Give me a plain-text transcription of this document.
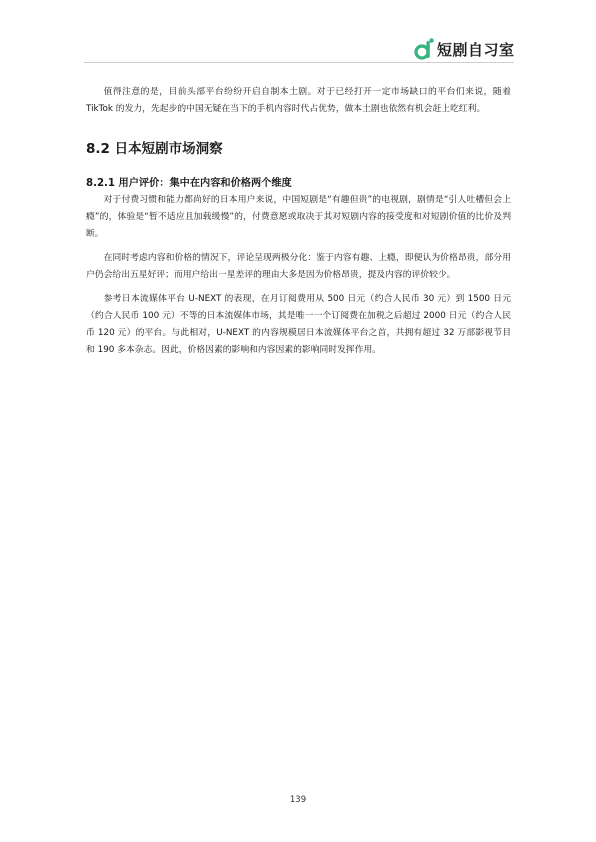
短剧自习室

值得注意的是，目前头部平台纷纷开启自制本土剧。对于已经打开一定市场缺口的平台们来说，随着 TikTok 的发力，先起步的中国无疑在当下的手机内容时代占优势，做本土剧也依然有机会赶上吃红利。

8.2 日本短剧市场洞察
8.2.1 用户评价：集中在内容和价格两个维度

对于付费习惯和能力都尚好的日本用户来说，中国短剧是“有趣但贵”的电视剧，剧情是“引人吐槽但会上瘾”的，体验是“暂不适应且加载缓慢”的，付费意愿或取决于其对短剧内容的接受度和对短剧价值的比价及判断。

在同时考虑内容和价格的情况下，评论呈现两极分化：鉴于内容有趣、上瘾，即便认为价格昂贵，部分用户仍会给出五星好评；而用户给出一星差评的理由大多是因为价格昂贵，提及内容的评价较少。

参考日本流媒体平台 U-NEXT 的表现，在月订阅费用从 500 日元（约合人民币 30 元）到 1500 日元（约合人民币 100 元）不等的日本流媒体市场，其是唯一一个订阅费在加税之后超过 2000 日元（约合人民币 120 元）的平台。与此相对，U-NEXT 的内容规模居日本流媒体平台之首，共拥有超过 32 万部影视节目和 190 多本杂志。因此，价格因素的影响和内容因素的影响同时发挥作用。

139
